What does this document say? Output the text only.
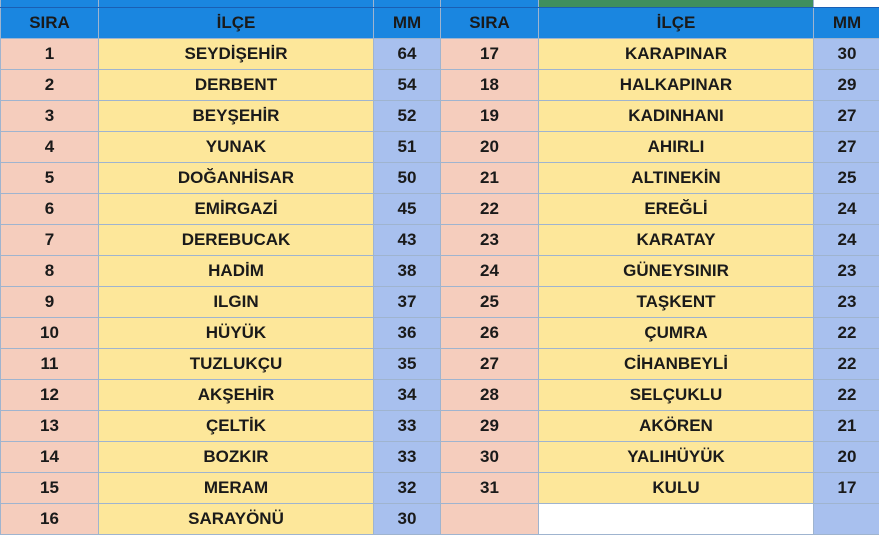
SIRA	İLÇE	MM	SIRA	İLÇE	MM
1	SEYDİŞEHİR	64	17	KARAPINAR	30
2	DERBENT	54	18	HALKAPINAR	29
3	BEYŞEHİR	52	19	KADINHANI	27
4	YUNAK	51	20	AHIRLI	27
5	DOĞANHİSAR	50	21	ALTINEKİN	25
6	EMİRGAZİ	45	22	EREĞLİ	24
7	DEREBUCAK	43	23	KARATAY	24
8	HADİM	38	24	GÜNEYSINIR	23
9	ILGIN	37	25	TAŞKENT	23
10	HÜYÜK	36	26	ÇUMRA	22
11	TUZLUKÇU	35	27	CİHANBEYLİ	22
12	AKŞEHİR	34	28	SELÇUKLU	22
13	ÇELTİK	33	29	AKÖREN	21
14	BOZKIR	33	30	YALIHÜYÜK	20
15	MERAM	32	31	KULU	17
16	SARAYÖNÜ	30			
